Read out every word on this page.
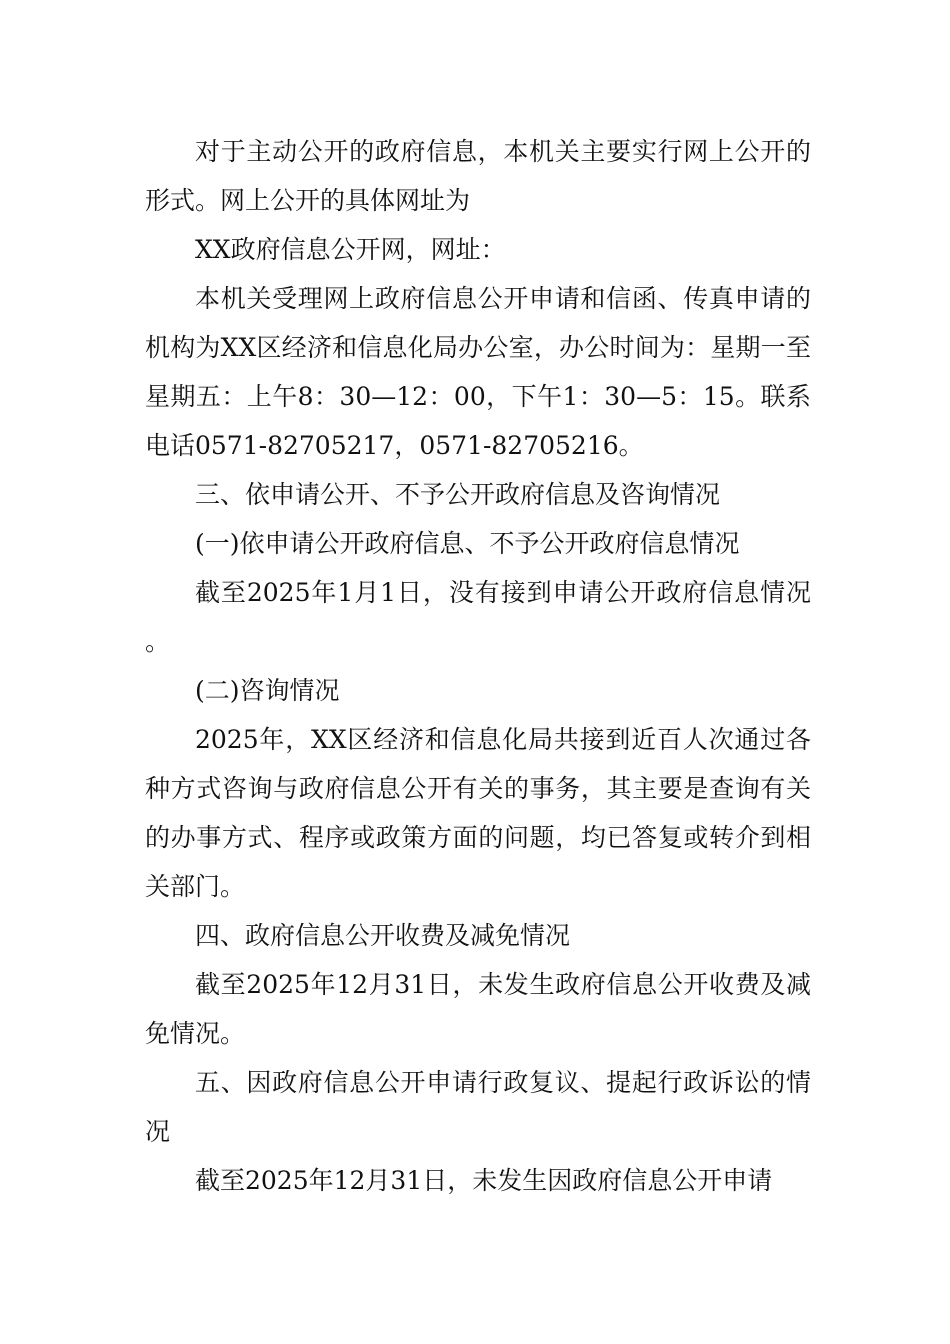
对于主动公开的政府信息，本机关主要实行网上公开的形式。网上公开的具体网址为

XX政府信息公开网，网址：

本机关受理网上政府信息公开申请和信函、传真申请的机构为XX区经济和信息化局办公室，办公时间为：星期一至星期五：上午8：30—12：00，下午1：30—5：15。联系电话0571-82705217，0571-82705216。

三、依申请公开、不予公开政府信息及咨询情况

(一)依申请公开政府信息、不予公开政府信息情况

截至2025年1月1日，没有接到申请公开政府信息情况。

(二)咨询情况

2025年，XX区经济和信息化局共接到近百人次通过各种方式咨询与政府信息公开有关的事务，其主要是查询有关的办事方式、程序或政策方面的问题，均已答复或转介到相关部门。

四、政府信息公开收费及减免情况

截至2025年12月31日，未发生政府信息公开收费及减免情况。

五、因政府信息公开申请行政复议、提起行政诉讼的情况

截至2025年12月31日，未发生因政府信息公开申请
